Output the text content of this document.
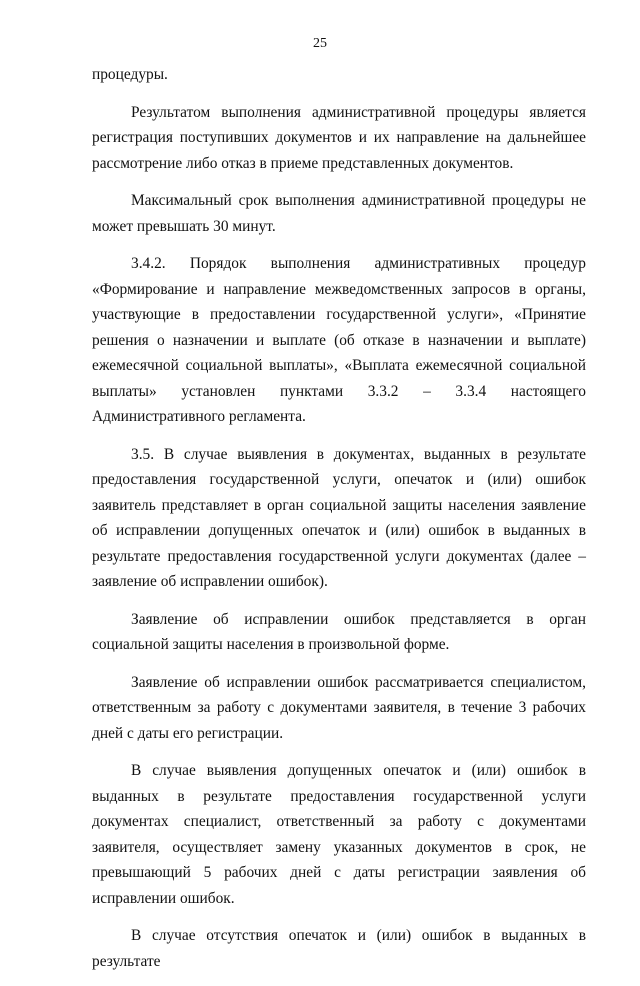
25

процедуры.

Результатом выполнения административной процедуры является регистрация поступивших документов и их направление на дальнейшее рассмотрение либо отказ в приеме представленных документов.

Максимальный срок выполнения административной процедуры не может превышать 30 минут.

3.4.2. Порядок выполнения административных процедур «Формирование и направление межведомственных запросов в органы, участвующие в предоставлении государственной услуги», «Принятие решения о назначении и выплате (об отказе в назначении и выплате) ежемесячной социальной выплаты», «Выплата ежемесячной социальной выплаты» установлен пунктами 3.3.2 – 3.3.4 настоящего Административного регламента.

3.5. В случае выявления в документах, выданных в результате предоставления государственной услуги, опечаток и (или) ошибок заявитель представляет в орган социальной защиты населения заявление об исправлении допущенных опечаток и (или) ошибок в выданных в результате предоставления государственной услуги документах (далее – заявление об исправлении ошибок).

Заявление об исправлении ошибок представляется в орган социальной защиты населения в произвольной форме.

Заявление об исправлении ошибок рассматривается специалистом, ответственным за работу с документами заявителя, в течение 3 рабочих дней с даты его регистрации.

В случае выявления допущенных опечаток и (или) ошибок в выданных в результате предоставления государственной услуги документах специалист, ответственный за работу с документами заявителя, осуществляет замену указанных документов в срок, не превышающий 5 рабочих дней с даты регистрации заявления об исправлении ошибок.

В случае отсутствия опечаток и (или) ошибок в выданных в результате
